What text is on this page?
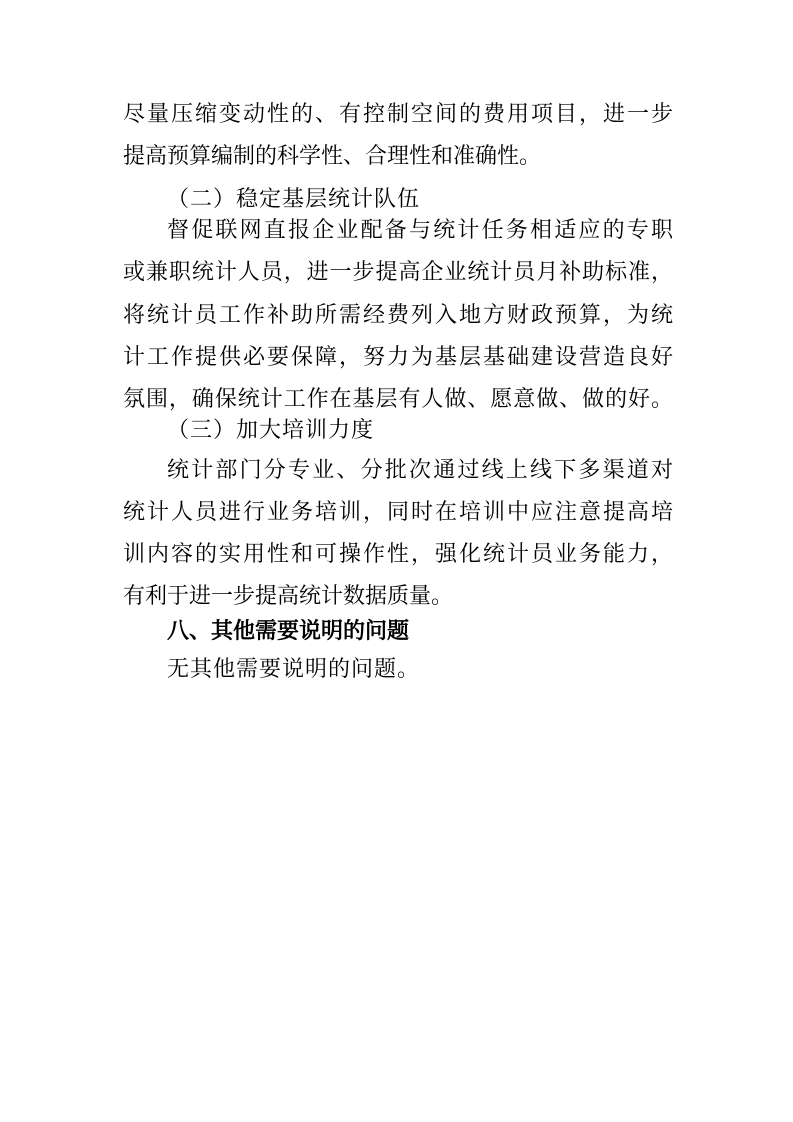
尽量压缩变动性的、有控制空间的费用项目，进一步
提高预算编制的科学性、合理性和准确性。
（二）稳定基层统计队伍
督促联网直报企业配备与统计任务相适应的专职
或兼职统计人员，进一步提高企业统计员月补助标准，
将统计员工作补助所需经费列入地方财政预算，为统
计工作提供必要保障，努力为基层基础建设营造良好
氛围，确保统计工作在基层有人做、愿意做、做的好。
（三）加大培训力度
统计部门分专业、分批次通过线上线下多渠道对
统计人员进行业务培训，同时在培训中应注意提高培
训内容的实用性和可操作性，强化统计员业务能力，
有利于进一步提高统计数据质量。
八、其他需要说明的问题
无其他需要说明的问题。
